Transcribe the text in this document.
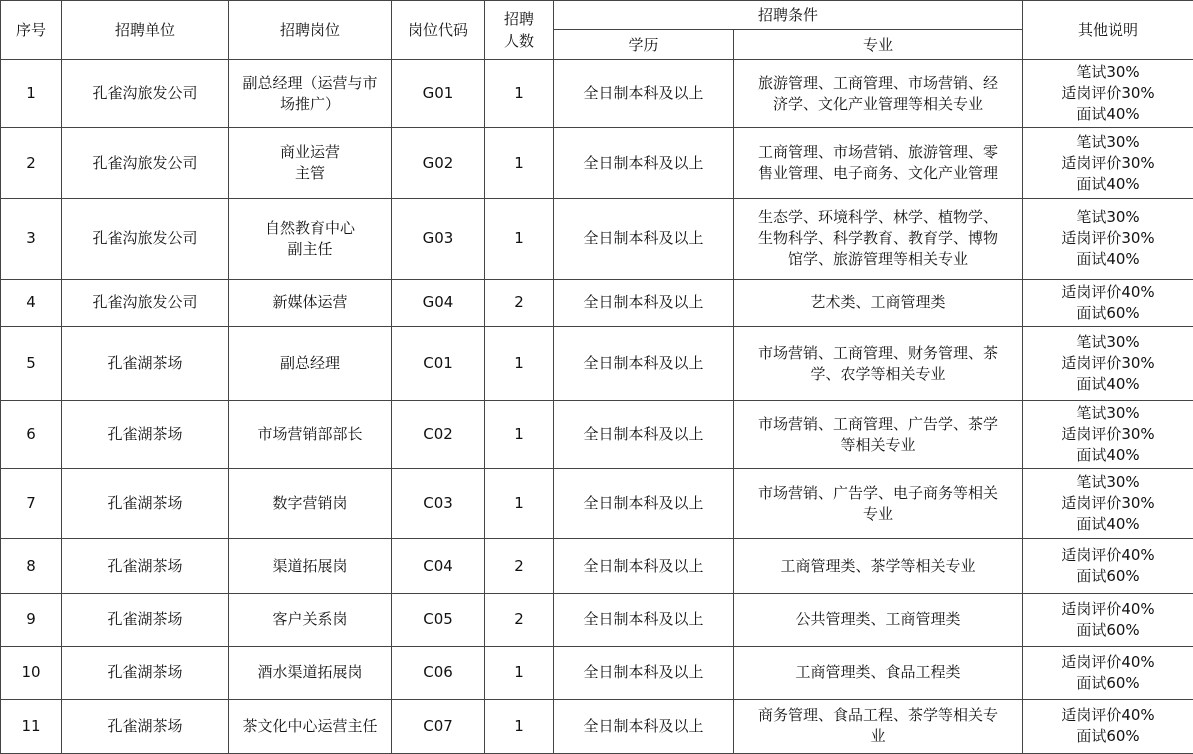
序号	招聘单位	招聘岗位	岗位代码	招聘
人数	招聘条件		其他说明
					学历	专业	
1	孔雀沟旅发公司	副总经理（运营与市
场推广）	G01	1	全日制本科及以上	旅游管理、工商管理、市场营销、经
济学、文化产业管理等相关专业	笔试30%
适岗评价30%
面试40%

2	孔雀沟旅发公司	商业运营
主管	G02	1	全日制本科及以上	工商管理、市场营销、旅游管理、零
售业管理、电子商务、文化产业管理	笔试30%
适岗评价30%
面试40%

3	孔雀沟旅发公司	自然教育中心
副主任	G03	1	全日制本科及以上	生态学、环境科学、林学、植物学、
生物科学、科学教育、教育学、博物
馆学、旅游管理等相关专业	笔试30%
适岗评价30%
面试40%

4	孔雀沟旅发公司	新媒体运营	G04	2	全日制本科及以上	艺术类、工商管理类	适岗评价40%
面试60%

5	孔雀湖茶场	副总经理	C01	1	全日制本科及以上	市场营销、工商管理、财务管理、茶
学、农学等相关专业	笔试30%
适岗评价30%
面试40%

6	孔雀湖茶场	市场营销部部长	C02	1	全日制本科及以上	市场营销、工商管理、广告学、茶学
等相关专业	笔试30%
适岗评价30%
面试40%

7	孔雀湖茶场	数字营销岗	C03	1	全日制本科及以上	市场营销、广告学、电子商务等相关
专业	笔试30%
适岗评价30%
面试40%

8	孔雀湖茶场	渠道拓展岗	C04	2	全日制本科及以上	工商管理类、茶学等相关专业	适岗评价40%
面试60%

9	孔雀湖茶场	客户关系岗	C05	2	全日制本科及以上	公共管理类、工商管理类	适岗评价40%
面试60%

10	孔雀湖茶场	酒水渠道拓展岗	C06	1	全日制本科及以上	工商管理类、食品工程类	适岗评价40%
面试60%

11	孔雀湖茶场	茶文化中心运营主任	C07	1	全日制本科及以上	商务管理、食品工程、茶学等相关专
业	适岗评价40%
面试60%
